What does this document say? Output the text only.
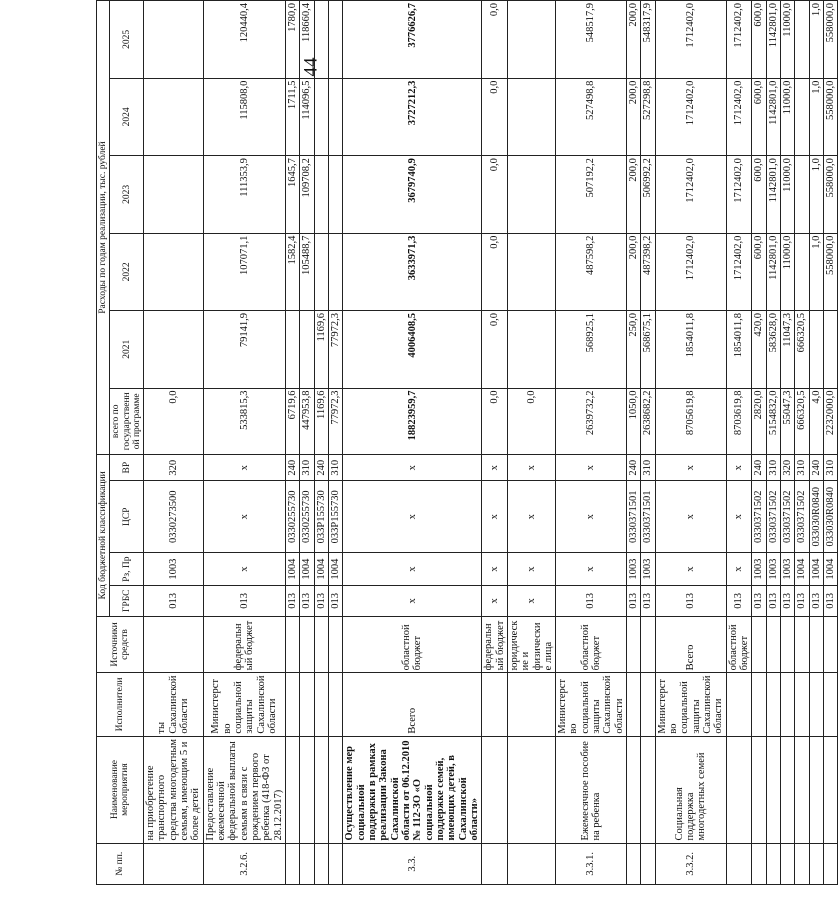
44
№ пп.	Наименование мероприятия	Исполнители	Источники средств	Код бюджетной классификации				Расходы по годам реализации, тыс. рублей					
				ГРБС	Рз, Пр	ЦСР	ВР	всего по государственной программе	2021	2022	2023	2024	2025
	на приобретение транспортного средства многодетным семьям, имеющим 5 и более детей	ты Сахалинской области		013	1003	0330273500	320	0,0					
3.2.6.	Предоставление ежемесячной федеральной выплаты семьям в связи с рождением первого ребенка (418-ФЗ от 28.12.2017)	Министерство социальной защиты Сахалинской области	федеральный бюджет	013	х	х	х	533815,3	79141,9	107071,1	111353,9	115808,0	120440,4
				013	1004	0330255730	240	6719,6		1582,4	1645,7	1711,5	1780,0
				013	1004	0330255730	310	447953,8		105488,7	109708,2	114096,5	118660,4
				013	1004	033P155730	240	1169,6	1169,6				
				013	1004	033P155730	310	77972,3	77972,3				
3.3.	Осуществление мер социальной поддержки в рамках реализации Закона Сахалинской области от 06.12.2010 № 112-ЗО «О социальной поддержке семей, имеющих детей, в Сахалинской области»	Всего	областной бюджет	х	х	х	х	18823959,7	4006408,5	3633971,3	3679740,9	3727212,3	3776626,7
			федеральный бюджет	х	х	х	х	0,0	0,0	0,0	0,0	0,0	0,0
			юридические и физические лица	х	х	х	х	0,0					
3.3.1.	Ежемесячное пособие на ребенка	Министерство социальной защиты Сахалинской области	областной бюджет	013	х	х	х	2639732,2	568925,1	487598,2	507192,2	527498,8	548517,9
				013	1003	0330371501	240	1050,0	250,0	200,0	200,0	200,0	200,0
				013	1003	0330371501	310	2638682,2	568675,1	487398,2	506992,2	527298,8	548317,9
3.3.2.	Социальная поддержка многодетных семей	Министерство социальной защиты Сахалинской области	Всего	013	х	х	х	8705619,8	1854011,8	1712402,0	1712402,0	1712402,0	1712402,0
			областной бюджет	013	х	х	х	8703619,8	1854011,8	1712402,0	1712402,0	1712402,0	1712402,0
				013	1003	0330371502	240	2820,0	420,0	600,0	600,0	600,0	600,0
				013	1003	0330371502	310	5154832,0	583628,0	1142801,0	1142801,0	1142801,0	1142801,0
				013	1003	0330371502	320	55047,3	11047,3	11000,0	11000,0	11000,0	11000,0
				013	1004	0330371502	310	666320,5	666320,5				
				013	1004	033030R0840	240	4,0		1,0	1,0	1,0	1,0
				013	1004	033030R0840	310	2232000,0		558000,0	558000,0	558000,0	558000,0
